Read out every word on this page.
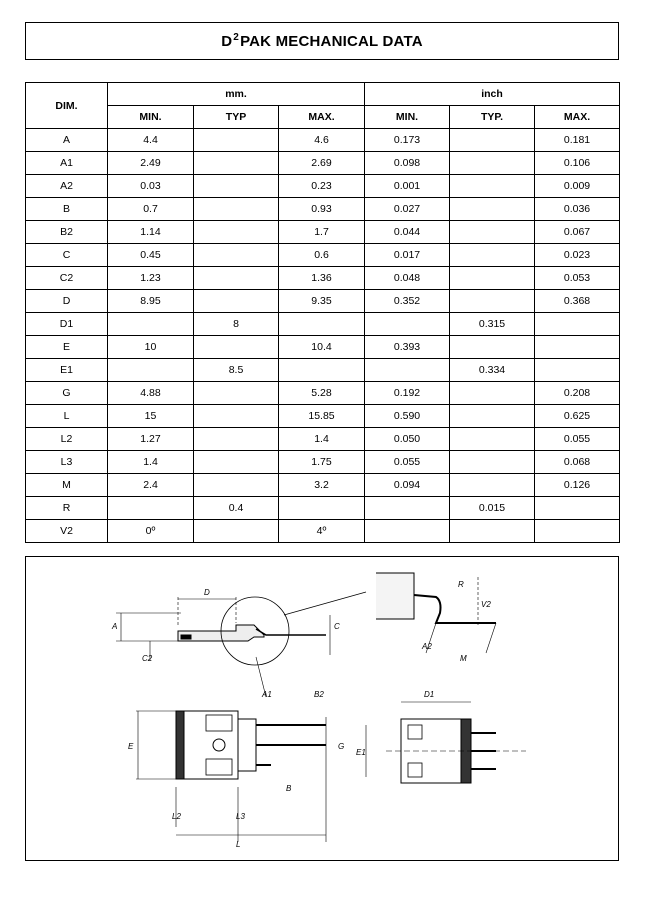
$D^2PAK$ MECHANICAL DATA
DIM.	mm.			inch		
	MIN.	TYP	MAX.	MIN.	TYP.	MAX.
A	4.4		4.6	0.173		0.181
A1	2.49		2.69	0.098		0.106
A2	0.03		0.23	0.001		0.009
B	0.7		0.93	0.027		0.036
B2	1.14		1.7	0.044		0.067
C	0.45		0.6	0.017		0.023
C2	1.23		1.36	0.048		0.053
D	8.95		9.35	0.352		0.368
D1		8			0.315	
E	10		10.4	0.393		
E1		8.5			0.334	
G	4.88		5.28	0.192		0.208
L	15		15.85	0.590		0.625
L2	1.27		1.4	0.050		0.055
L3	1.4		1.75	0.055		0.068
M	2.4		3.2	0.094		0.126
R		0.4			0.015	
V2	0º		4º			
D
A	C
C2
A1
A2
R
V2
M
B2
E	G
B
L2	L3
L
D1
E1
